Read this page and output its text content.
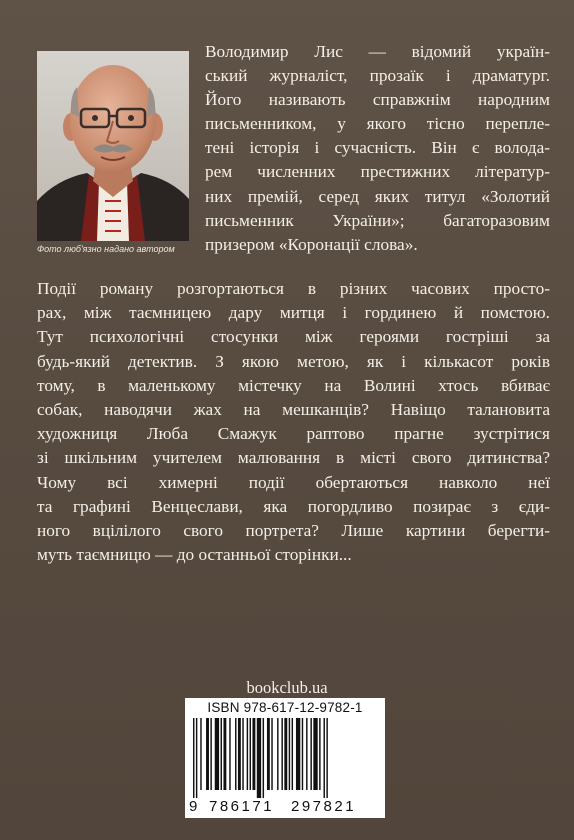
Фото люб'язно надано автором

Володимир Лис — відомий україн-
ський журналіст, прозаїк і драматург.
Його називають справжнім народним
письменником, у якого тісно перепле-
тені історія і сучасність. Він є волода-
рем численних престижних літератур-
них премій, серед яких титул «Золотий
письменник України»; багаторазовим
призером «Коронації слова».

Події роману розгортаються в різних часових просто-
рах, між таємницею дару митця і гординею й помстою.
Тут психологічні стосунки між героями гостріші за
будь-який детектив. З якою метою, як і кількасот років
тому, в маленькому містечку на Волині хтось вбиває
собак, наводячи жах на мешканців? Навіщо талановита
художниця Люба Смажук раптово прагне зустрітися
зі шкільним учителем малювання в місті свого дитинства?
Чому всі химерні події обертаються навколо неї
та графині Венцеслави, яка погордливо позирає з єди-
ного вцілілого свого портрета? Лише картини берегти-
муть таємницю — до останньої сторінки...

bookclub.ua
ISBN 978-617-12-9782-1
9 786171 297821
